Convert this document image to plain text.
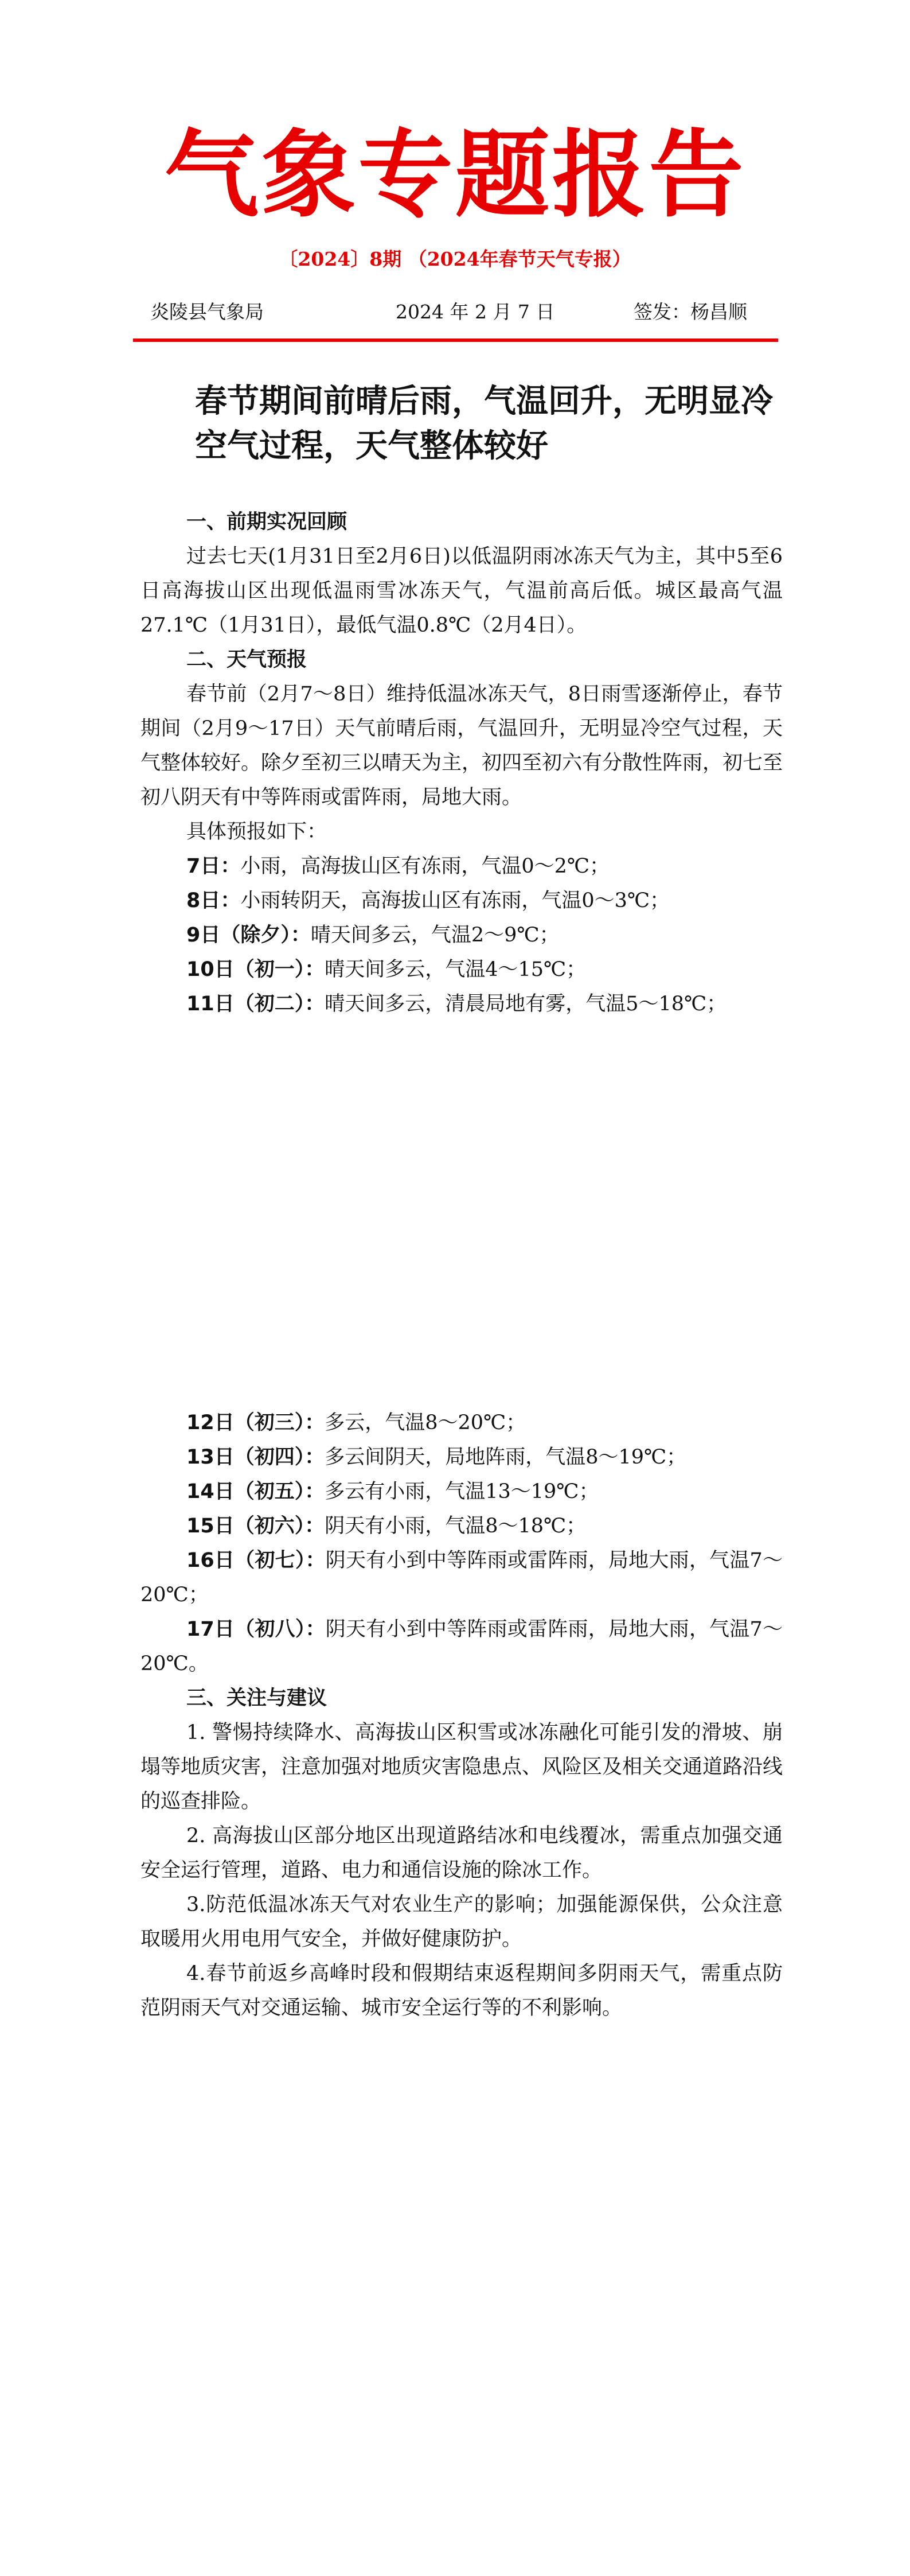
气象专题报告
〔2024〕8期 （2024年春节天气专报）
炎陵县气象局	2024 年 2 月 7 日	签发：杨昌顺
春节期间前晴后雨，气温回升，无明显冷空气过程，天气整体较好

一、前期实况回顾

过去七天(1月31日至2月6日)以低温阴雨冰冻天气为主，其中5至6日高海拔山区出现低温雨雪冰冻天气，气温前高后低。城区最高气温27.1℃（1月31日），最低气温0.8℃（2月4日）。

二、天气预报

春节前（2月7～8日）维持低温冰冻天气，8日雨雪逐渐停止，春节期间（2月9～17日）天气前晴后雨，气温回升，无明显冷空气过程，天气整体较好。除夕至初三以晴天为主，初四至初六有分散性阵雨，初七至初八阴天有中等阵雨或雷阵雨，局地大雨。

具体预报如下：

7日：小雨，高海拔山区有冻雨，气温0～2℃；

8日：小雨转阴天，高海拔山区有冻雨，气温0～3℃；

9日（除夕）：晴天间多云，气温2～9℃；

10日（初一）：晴天间多云，气温4～15℃；

11日（初二）：晴天间多云，清晨局地有雾，气温5～18℃；

12日（初三）：多云，气温8～20℃；

13日（初四）：多云间阴天，局地阵雨，气温8～19℃；

14日（初五）：多云有小雨，气温13～19℃；

15日（初六）：阴天有小雨，气温8～18℃；

16日（初七）：阴天有小到中等阵雨或雷阵雨，局地大雨，气温7～20℃；

17日（初八）：阴天有小到中等阵雨或雷阵雨，局地大雨，气温7～20℃。

三、关注与建议

1. 警惕持续降水、高海拔山区积雪或冰冻融化可能引发的滑坡、崩塌等地质灾害，注意加强对地质灾害隐患点、风险区及相关交通道路沿线的巡查排险。

2. 高海拔山区部分地区出现道路结冰和电线覆冰，需重点加强交通安全运行管理，道路、电力和通信设施的除冰工作。

3.防范低温冰冻天气对农业生产的影响；加强能源保供，公众注意取暖用火用电用气安全，并做好健康防护。

4.春节前返乡高峰时段和假期结束返程期间多阴雨天气，需重点防范阴雨天气对交通运输、城市安全运行等的不利影响。
